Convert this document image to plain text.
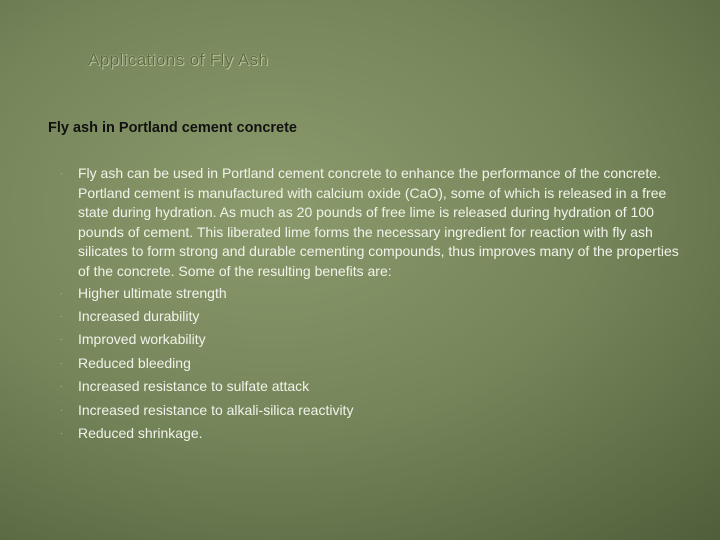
Applications of Fly Ash
Fly ash in Portland cement concrete
· Fly ash can be used in Portland cement concrete to enhance the performance of the concrete. Portland cement is manufactured with calcium oxide (CaO), some of which is released in a free state during hydration. As much as 20 pounds of free lime is released during hydration of 100 pounds of cement. This liberated lime forms the necessary ingredient for reaction with fly ash silicates to form strong and durable cementing compounds, thus improves many of the properties of the concrete. Some of the resulting benefits are:
· Higher ultimate strength
· Increased durability
· Improved workability
· Reduced bleeding
· Increased resistance to sulfate attack
· Increased resistance to alkali-silica reactivity
· Reduced shrinkage.
